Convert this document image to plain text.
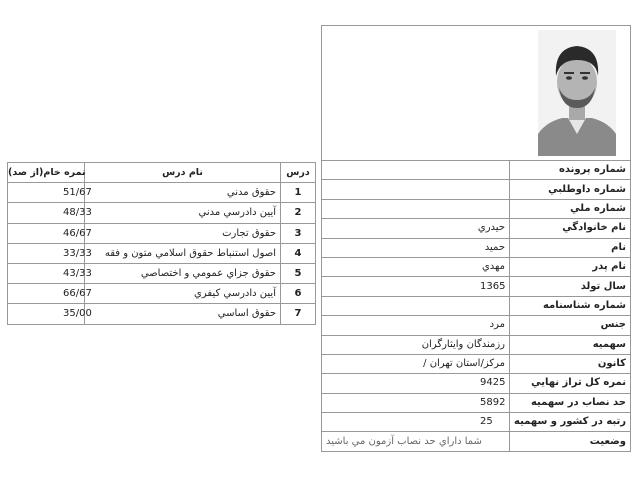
نمره خام(از صد)	نام درس	درس
51/67	حقوق مدني	1
48/33	آيين دادرسي مدني	2
46/67	حقوق تجارت	3
33/33	اصول استنباط حقوق اسلامي متون و فقه	4
43/33	حقوق جزاي عمومي و اختصاصي	5
66/67	آيين دادرسي كيفري	6
35/00	حقوق اساسي	7
	شماره پرونده
	شماره داوطلبي
	شماره ملي
حيدري	نام خانوادگي
حميد	نام
مهدي	نام پدر
1365	سال تولد
	شماره شناسنامه
مرد	جنس
رزمندگان وايثارگران	سهميه
/ مركز/استان تهران	كانون
9425	نمره كل تراز نهايي
5892	حد نصاب در سهميه
25	رتبه در كشور و سهميه
شما داراي حد نصاب آزمون مي باشيد	وضعيت
